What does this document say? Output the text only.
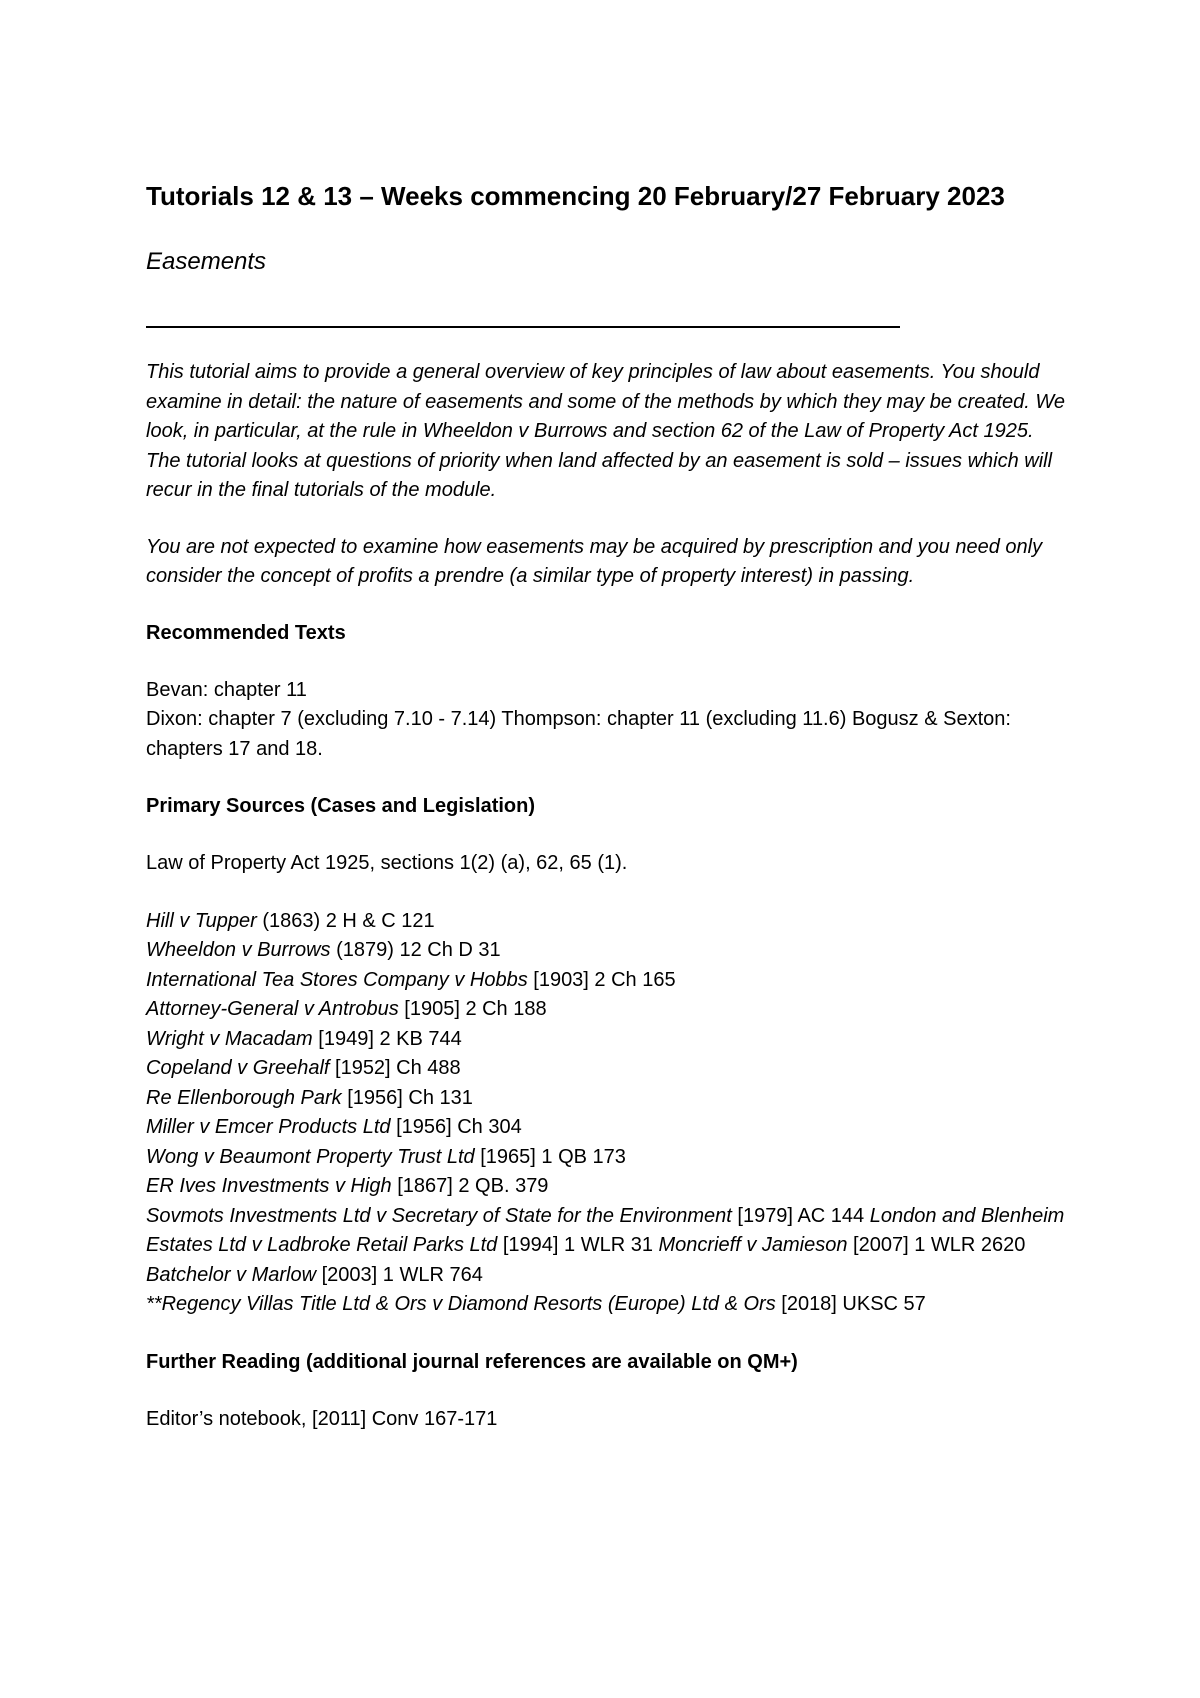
Tutorials 12 & 13 – Weeks commencing 20 February/27 February 2023
Easements

This tutorial aims to provide a general overview of key principles of law about easements. You should examine in detail: the nature of easements and some of the methods by which they may be created. We look, in particular, at the rule in Wheeldon v Burrows and section 62 of the Law of Property Act 1925. The tutorial looks at questions of priority when land affected by an easement is sold – issues which will recur in the final tutorials of the module.

You are not expected to examine how easements may be acquired by prescription and you need only consider the concept of profits a prendre (a similar type of property interest) in passing.

Recommended Texts
Bevan: chapter 11
Dixon: chapter 7 (excluding 7.10 - 7.14) Thompson: chapter 11 (excluding 11.6) Bogusz & Sexton: chapters 17 and 18.
Primary Sources (Cases and Legislation)
Law of Property Act 1925, sections 1(2) (a), 62, 65 (1).
Hill v Tupper (1863) 2 H & C 121
Wheeldon v Burrows (1879) 12 Ch D 31
International Tea Stores Company v Hobbs [1903] 2 Ch 165
Attorney-General v Antrobus [1905] 2 Ch 188
Wright v Macadam [1949] 2 KB 744
Copeland v Greehalf [1952] Ch 488
Re Ellenborough Park [1956] Ch 131
Miller v Emcer Products Ltd [1956] Ch 304
Wong v Beaumont Property Trust Ltd [1965] 1 QB 173
ER Ives Investments v High [1867] 2 QB. 379
Sovmots Investments Ltd v Secretary of State for the Environment [1979] AC 144 London and Blenheim Estates Ltd v Ladbroke Retail Parks Ltd [1994] 1 WLR 31 Moncrieff v Jamieson [2007] 1 WLR 2620
Batchelor v Marlow [2003] 1 WLR 764
**Regency Villas Title Ltd & Ors v Diamond Resorts (Europe) Ltd & Ors [2018] UKSC 57

Further Reading (additional journal references are available on QM+)
Editor’s notebook, [2011] Conv 167-171
